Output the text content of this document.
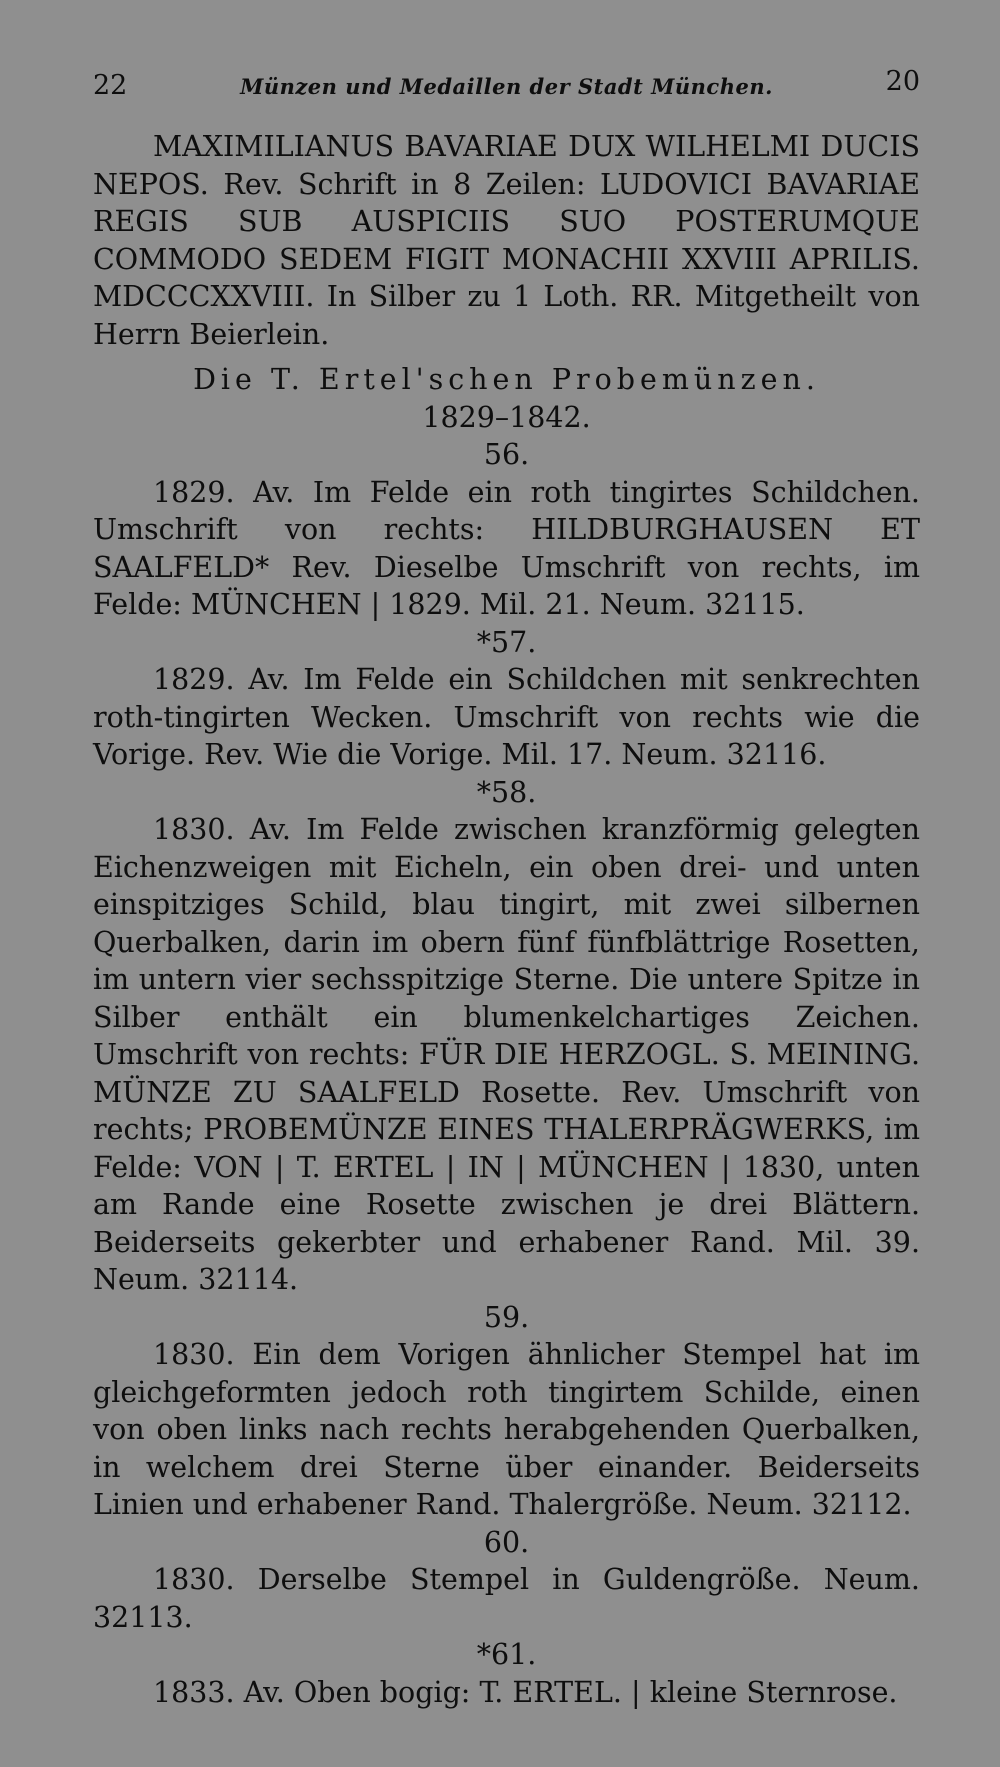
22	Münzen und Medaillen der Stadt München.	20

MAXIMILIANUS BAVARIAE DUX WILHELMI DUCIS NEPOS. Rev. Schrift in 8 Zeilen: LUDOVICI BAVARIAE REGIS SUB AUSPICIIS SUO POSTERUMQUE COMMODO SEDEM FIGIT MONACHII XXVIII APRILIS. MDCCCXXVIII. In Silber zu 1 Loth. RR. Mitgetheilt von Herrn Beierlein.

Die T. Ertel'schen Probemünzen.
1829–1842.
56.

1829. Av. Im Felde ein roth tingirtes Schildchen. Umschrift von rechts: HILDBURGHAUSEN ET SAALFELD* Rev. Dieselbe Umschrift von rechts, im Felde: MÜNCHEN | 1829. Mil. 21. Neum. 32115.

*57.

1829. Av. Im Felde ein Schildchen mit senkrechten roth-tingirten Wecken. Umschrift von rechts wie die Vorige. Rev. Wie die Vorige. Mil. 17. Neum. 32116.

*58.

1830. Av. Im Felde zwischen kranzförmig gelegten Eichenzweigen mit Eicheln, ein oben drei- und unten einspitziges Schild, blau tingirt, mit zwei silbernen Querbalken, darin im obern fünf fünfblättrige Rosetten, im untern vier sechsspitzige Sterne. Die untere Spitze in Silber enthält ein blumenkelchartiges Zeichen. Umschrift von rechts: FÜR DIE HERZOGL. S. MEINING. MÜNZE ZU SAALFELD Rosette. Rev. Umschrift von rechts; PROBEMÜNZE EINES THALERPRÄGWERKS, im Felde: VON | T. ERTEL | IN | MÜNCHEN | 1830, unten am Rande eine Rosette zwischen je drei Blättern. Beiderseits gekerbter und erhabener Rand. Mil. 39. Neum. 32114.

59.

1830. Ein dem Vorigen ähnlicher Stempel hat im gleichgeformten jedoch roth tingirtem Schilde, einen von oben links nach rechts herabgehenden Querbalken, in welchem drei Sterne über einander. Beiderseits Linien und erhabener Rand. Thalergröße. Neum. 32112.

60.

1830. Derselbe Stempel in Guldengröße. Neum. 32113.

*61.

1833. Av. Oben bogig: T. ERTEL. | kleine Sternrose.
